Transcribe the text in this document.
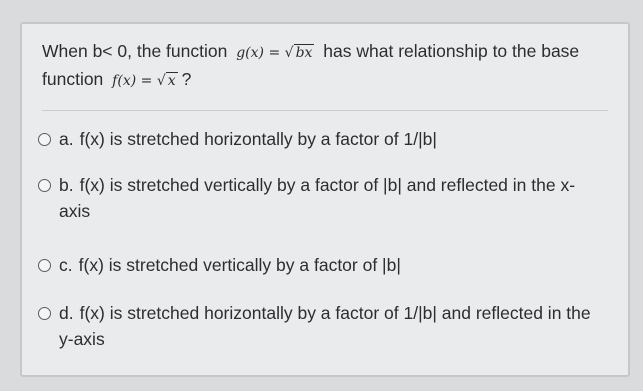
When b< 0, the function g(x) = √ bx has what relationship to the base
function f(x) = √ x ?
a. f(x) is stretched horizontally by a factor of 1/|b|
b. f(x) is stretched vertically by a factor of |b| and reflected in the x-axis
c. f(x) is stretched vertically by a factor of |b|
d. f(x) is stretched horizontally by a factor of 1/|b| and reflected in the y-axis
